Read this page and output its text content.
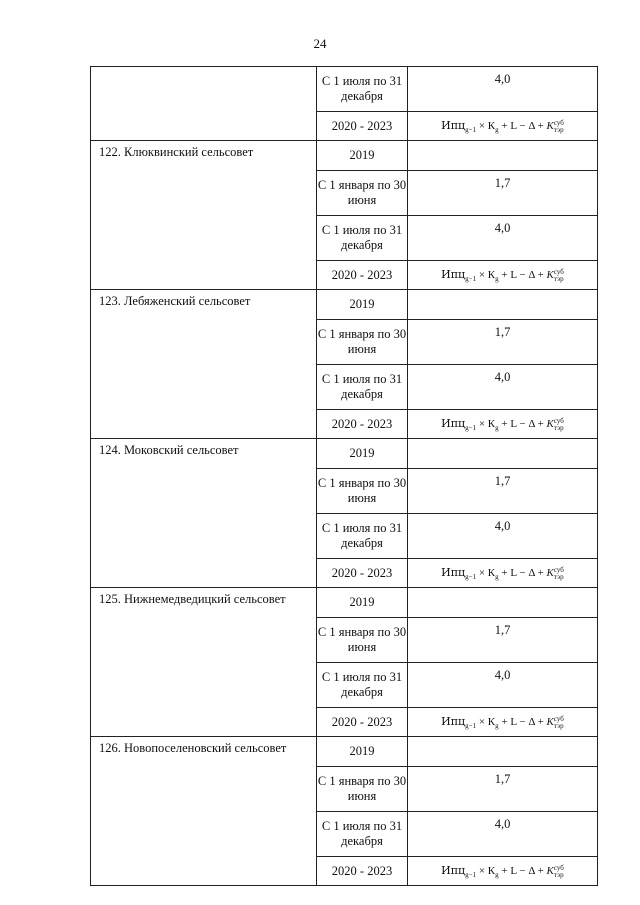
24
	С 1 июля по 31 декабря	4,0
	2020 - 2023	$Ипц_{g-1} \times К_g + L - \Delta + K$ суб
тэр

122. Клюквинский сельсовет	2019	
	С 1 января по 30 июня	1,7
	С 1 июля по 31 декабря	4,0
	2020 - 2023	$Ипц_{g-1} \times К_g + L - \Delta + K$ суб
тэр

123. Лебяженский сельсовет	2019	
	С 1 января по 30 июня	1,7
	С 1 июля по 31 декабря	4,0
	2020 - 2023	$Ипц_{g-1} \times К_g + L - \Delta + K$ суб
тэр

124. Моковский сельсовет	2019	
	С 1 января по 30 июня	1,7
	С 1 июля по 31 декабря	4,0
	2020 - 2023	$Ипц_{g-1} \times К_g + L - \Delta + K$ суб
тэр

125. Нижнемедведицкий сельсовет	2019	
	С 1 января по 30 июня	1,7
	С 1 июля по 31 декабря	4,0
	2020 - 2023	$Ипц_{g-1} \times К_g + L - \Delta + K$ суб
тэр

126. Новопоселеновский сельсовет	2019	
	С 1 января по 30 июня	1,7
	С 1 июля по 31 декабря	4,0
	2020 - 2023	$Ипц_{g-1} \times К_g + L - \Delta + K$ суб
тэр
